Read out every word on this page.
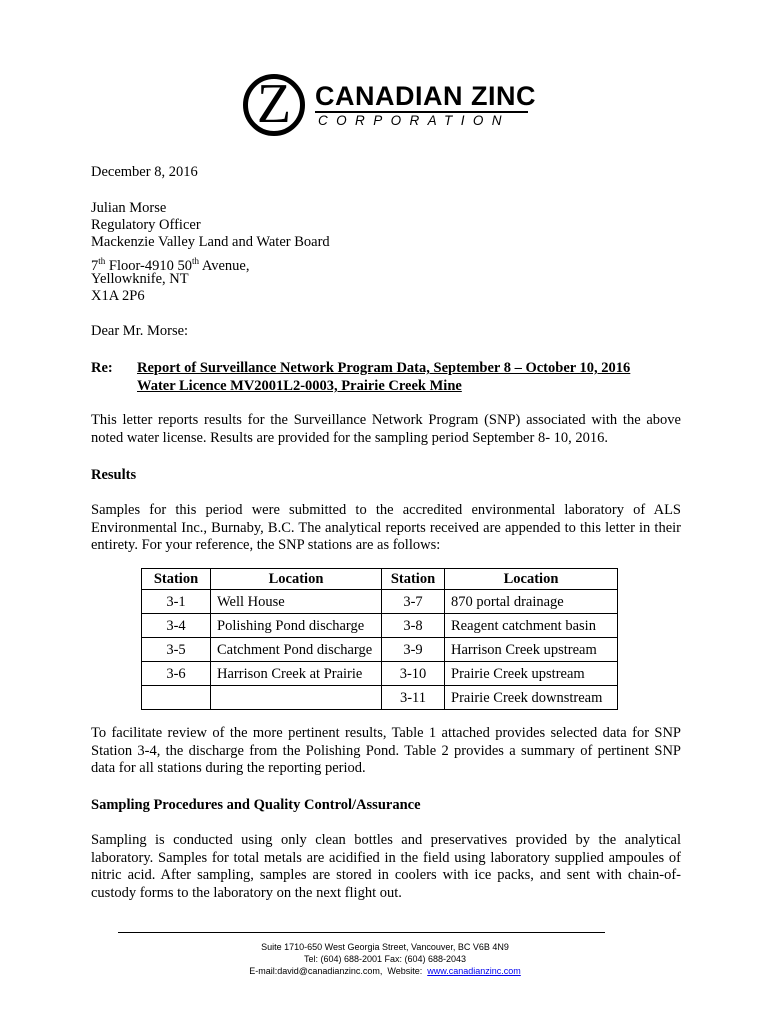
Z CANADIAN ZINC
CORPORATION
December 8, 2016
Julian Morse
Regulatory Officer
Mackenzie Valley Land and Water Board
7th Floor-4910 50th Avenue,
Yellowknife, NT
X1A 2P6
Dear Mr. Morse:
Re: Report of Surveillance Network Program Data, September 8 – October 10, 2016
Water Licence MV2001L2-0003, Prairie Creek Mine
This letter reports results for the Surveillance Network Program (SNP) associated with the above noted water license. Results are provided for the sampling period September 8- 10, 2016.
Results
Samples for this period were submitted to the accredited environmental laboratory of ALS Environmental Inc., Burnaby, B.C. The analytical reports received are appended to this letter in their entirety. For your reference, the SNP stations are as follows:
Station	Location	Station	Location
3-1	Well House	3-7	870 portal drainage
3-4	Polishing Pond discharge	3-8	Reagent catchment basin
3-5	Catchment Pond discharge	3-9	Harrison Creek upstream
3-6	Harrison Creek at Prairie	3-10	Prairie Creek upstream
		3-11	Prairie Creek downstream
To facilitate review of the more pertinent results, Table 1 attached provides selected data for SNP Station 3-4, the discharge from the Polishing Pond. Table 2 provides a summary of pertinent SNP data for all stations during the reporting period.
Sampling Procedures and Quality Control/Assurance
Sampling is conducted using only clean bottles and preservatives provided by the analytical laboratory. Samples for total metals are acidified in the field using laboratory supplied ampoules of nitric acid. After sampling, samples are stored in coolers with ice packs, and sent with chain-of-custody forms to the laboratory on the next flight out.
Suite 1710-650 West Georgia Street, Vancouver, BC V6B 4N9
Tel: (604) 688-2001 Fax: (604) 688-2043
E-mail:david@canadianzinc.com,  Website:  www.canadianzinc.com
